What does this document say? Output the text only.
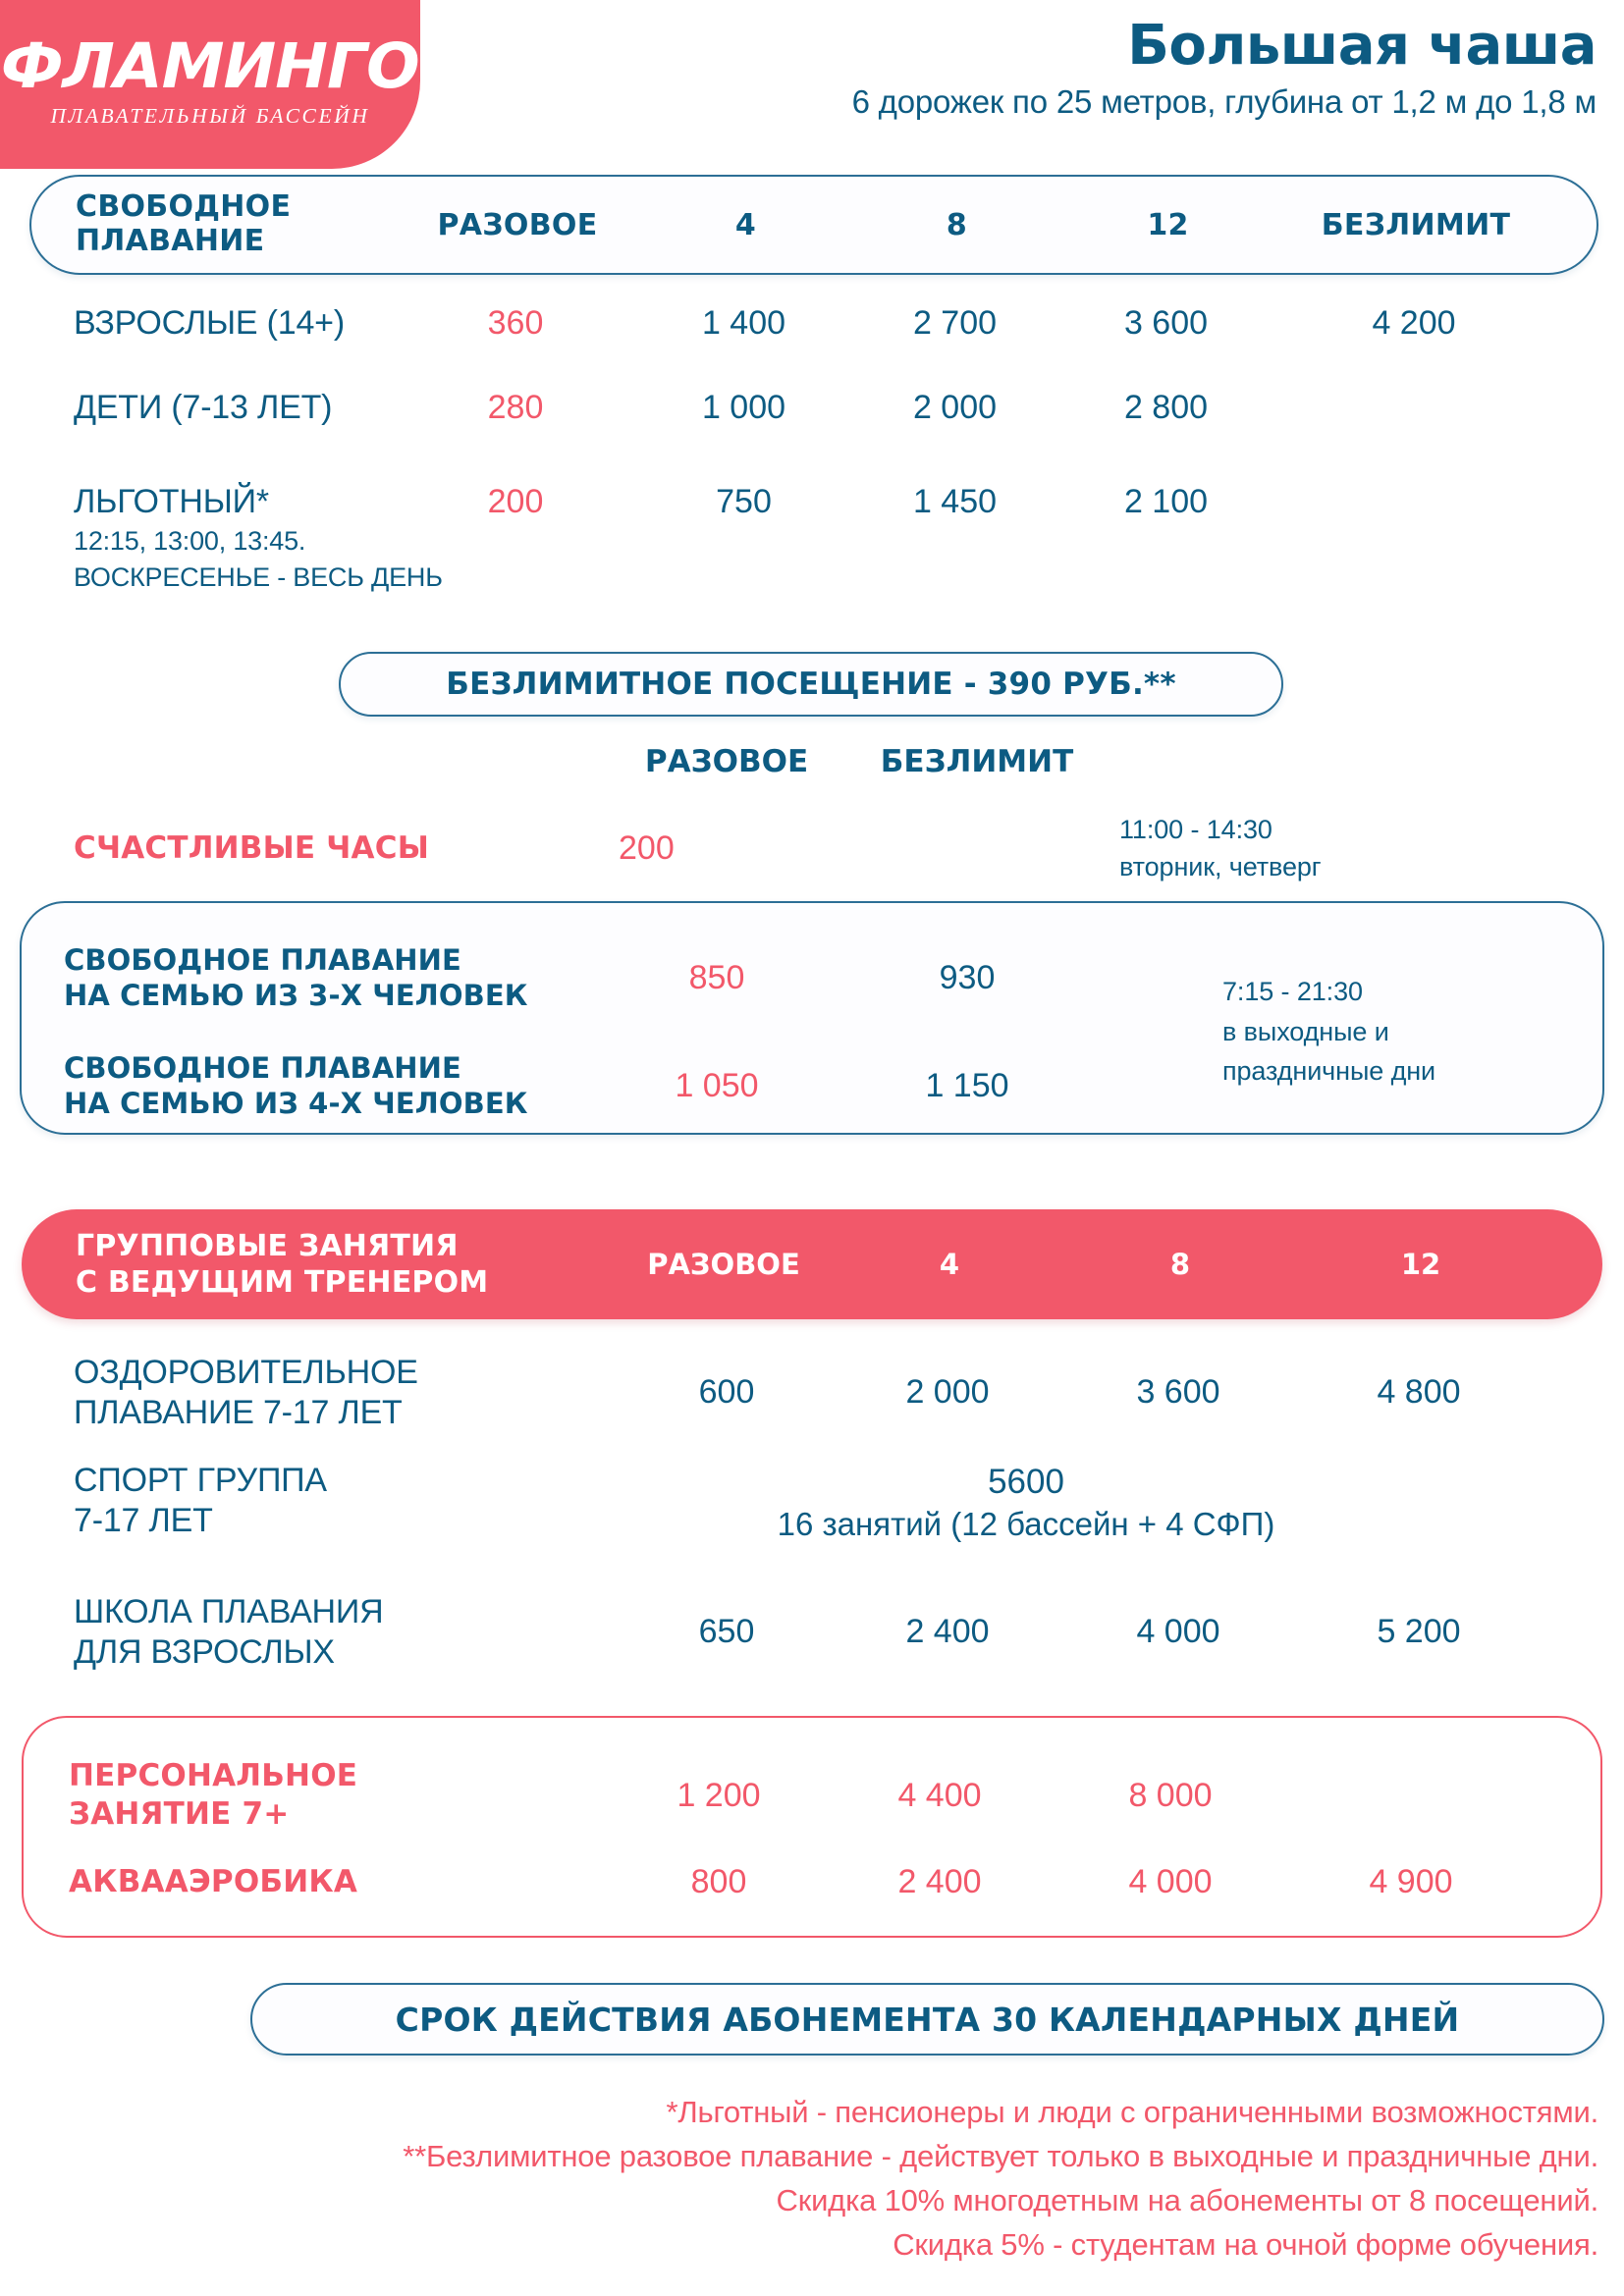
ФЛАМИНГО
ПЛАВАТЕЛЬНЫЙ БАССЕЙН
Большая чаша
6 дорожек по 25 метров, глубина от 1,2 м до 1,8 м
СВОБОДНОЕ
ПЛАВАНИЕ	РАЗОВОЕ	4	8	12	БЕЗЛИМИТ
ВЗРОСЛЫЕ (14+)	360	1 400	2 700	3 600	4 200
ДЕТИ (7-13 ЛЕТ)	280	1 000	2 000	2 800
ЛЬГОТНЫЙ*
12:15, 13:00, 13:45.
ВОСКРЕСЕНЬЕ - ВЕСЬ ДЕНЬ
200	750	1 450	2 100
БЕЗЛИМИТНОЕ ПОСЕЩЕНИЕ - 390 РУБ.**
РАЗОВОЕ	БЕЗЛИМИТ
СЧАСТЛИВЫЕ ЧАСЫ	200	11:00 - 14:30
вторник, четверг
СВОБОДНОЕ ПЛАВАНИЕ
НА СЕМЬЮ ИЗ 3-Х ЧЕЛОВЕК	850	930
СВОБОДНОЕ ПЛАВАНИЕ
НА СЕМЬЮ ИЗ 4-Х ЧЕЛОВЕК	1 050	1 150
7:15 - 21:30
в выходные и
праздничные дни
ГРУППОВЫЕ ЗАНЯТИЯ
С ВЕДУЩИМ ТРЕНЕРОМ
РАЗОВОЕ	4	8	12
ОЗДОРОВИТЕЛЬНОЕ
ПЛАВАНИЕ 7-17 ЛЕТ
600	2 000	3 600	4 800
СПОРТ ГРУППА
7-17 ЛЕТ
5600
16 занятий (12 бассейн + 4 СФП)
ШКОЛА ПЛАВАНИЯ
ДЛЯ ВЗРОСЛЫХ
650	2 400	4 000	5 200
ПЕРСОНАЛЬНОЕ
ЗАНЯТИЕ 7+
1 200	4 400	8 000
АКВААЭРОБИКА	800	2 400	4 000	4 900
СРОК ДЕЙСТВИЯ АБОНЕМЕНТА 30 КАЛЕНДАРНЫХ ДНЕЙ
*Льготный - пенсионеры и люди с ограниченными возможностями.
**Безлимитное разовое плавание - действует только в выходные и праздничные дни.
Скидка 10% многодетным на абонементы от 8 посещений.
Скидка 5% - студентам на очной форме обучения.
